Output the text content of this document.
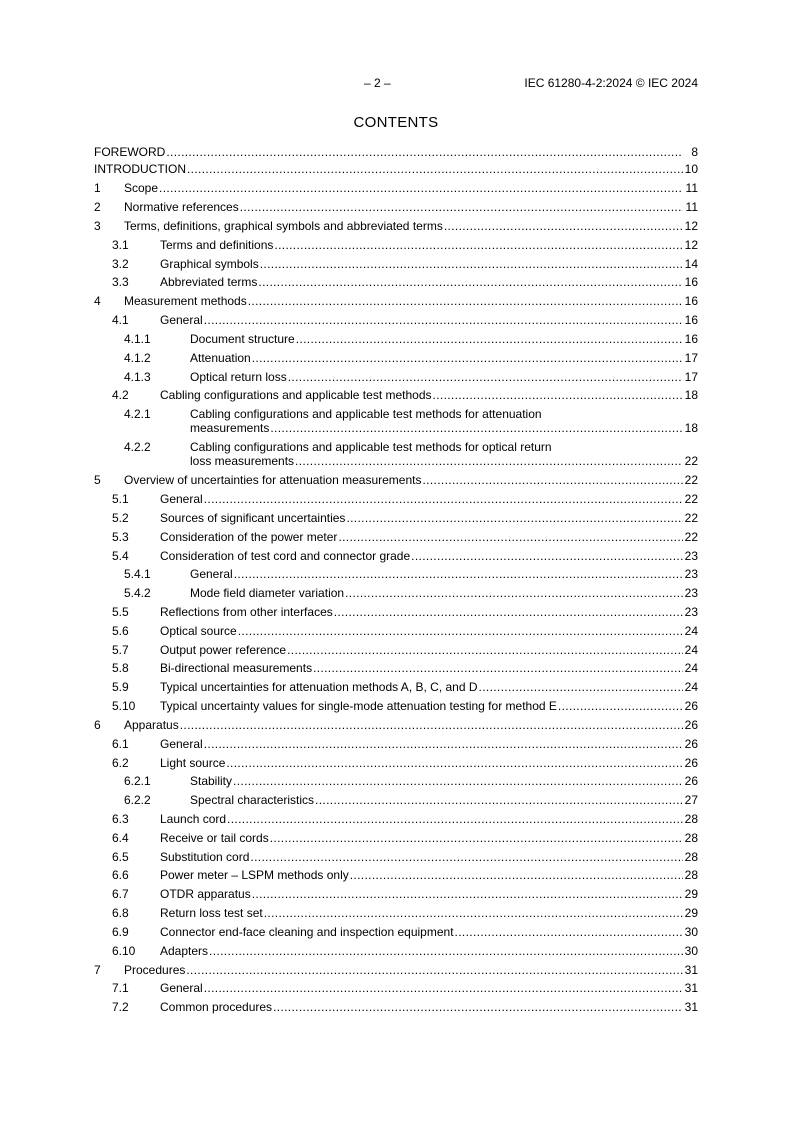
– 2 –	IEC 61280-4-2:2024 © IEC 2024
CONTENTS
FOREWORD .....	8
INTRODUCTION .....	10
1 Scope .....	11
2 Normative references .....	11
3 Terms, definitions, graphical symbols and abbreviated terms .....	12
3.1	Terms and definitions .....	12
3.2	Graphical symbols .....	14
3.3	Abbreviated terms .....	16
4 Measurement methods .....	16
4.1	General .....	16
4.1.1	Document structure .....	16
4.1.2	Attenuation .....	17
4.1.3	Optical return loss .....	17
4.2	Cabling configurations and applicable test methods .....	18
4.2.1	Cabling configurations and applicable test methods for attenuation
measurements .....	18
4.2.2	Cabling configurations and applicable test methods for optical return
loss measurements .....	22
5 Overview of uncertainties for attenuation measurements .....	22
5.1	General .....	22
5.2	Sources of significant uncertainties .....	22
5.3	Consideration of the power meter .....	22
5.4	Consideration of test cord and connector grade .....	23
5.4.1	General .....	23
5.4.2	Mode field diameter variation .....	23
5.5	Reflections from other interfaces .....	23
5.6	Optical source .....	24
5.7	Output power reference .....	24
5.8	Bi-directional measurements .....	24
5.9	Typical uncertainties for attenuation methods A, B, C, and D .....	24
5.10 Typical uncertainty values for single-mode attenuation testing for method E .....	26
6 Apparatus .....	26
6.1	General .....	26
6.2	Light source .....	26
6.2.1	Stability .....	26
6.2.2	Spectral characteristics .....	27
6.3	Launch cord .....	28
6.4	Receive or tail cords .....	28
6.5	Substitution cord .....	28
6.6	Power meter – LSPM methods only .....	28
6.7	OTDR apparatus .....	29
6.8	Return loss test set .....	29
6.9	Connector end-face cleaning and inspection equipment .....	30
6.10 Adapters .....	30
7 Procedures .....	31
7.1	General .....	31
7.2	Common procedures .....	31
